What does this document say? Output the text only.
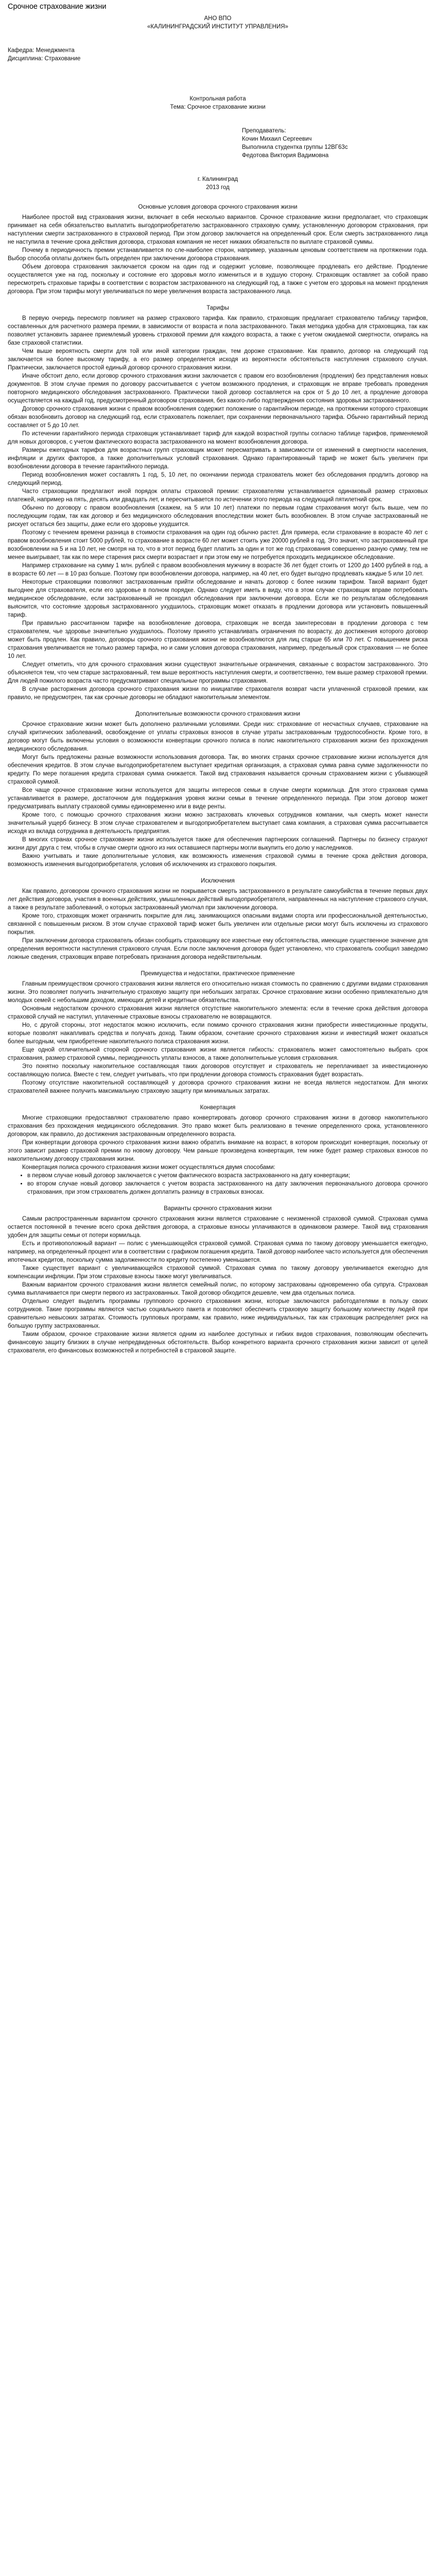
Срочное страхование жизни
АНО ВПО
«КАЛИНИНГРАДСКИЙ ИНСТИТУТ УПРАВЛЕНИЯ»
Кафедра: Менеджмента
Дисциплина: Страхование
Контрольная работа
Тема: Срочное страхование жизни
Преподаватель:
Кочин Михаил Сергеевич
Выполнила студентка группы 12ВГ63с
Федотова Виктория Вадимовна
г. Калининград
2013 год
Основные условия договора срочного страхования жизни

Наиболее простой вид страхования жизни, включает в себя несколько вариантов. Срочное страхование жизни предполагает, что страховщик принимает на себя обязательство выплатить выгодоприобретателю застрахованного страховую сумму, установленную договором страхования, при наступлении смерти застрахованного в страховой период. При этом договор заключается на определенный срок. Если смерть застрахованного лица не наступила в течение срока действия договора, страховая компания не несет никаких обязательств по выплате страховой суммы.

Почему в периодичность премии устанавливается по сле-наиболее сторон, например, указанным ценовым соответствием на протяжении года. Выбор способа оплаты должен быть определен при заключении договора страхования.

Объем договора страхования заключается сроком на один год и содержит условие, позволяющее продлевать его действие. Продление осуществляется уже на год, поскольку и состояние его здоровья могло измениться и в худшую сторону. Страховщик оставляет за собой право пересмотреть страховые тарифы в соответствии с возрастом застрахованного на следующий год, а также с учетом его здоровья на момент продления договора. При этом тарифы могут увеличиваться по мере увеличения возраста застрахованного лица.

Тарифы

В первую очередь пересмотр повлияет на размер страхового тарифа. Как правило, страховщик предлагает страхователю таблицу тарифов, составленных для расчетного размера премии, в зависимости от возраста и пола застрахованного. Такая методика удобна для страховщика, так как позволяет установить заранее приемлемый уровень страховой премии для каждого возраста, а также с учетом ожидаемой смертности, опираясь на базе страховой статистики.

Чем выше вероятность смерти для той или иной категории граждан, тем дороже страхование. Как правило, договор на следующий год заключается на более высокому тарифу, а его размер определяется исходя из вероятности обстоятельств наступления страхового случая. Практически, заключается простой единый договор срочного страхования жизни.

Иначе обстоит дело, если договор срочного страхования жизни заключается с правом его возобновления (продления) без представления новых документов. В этом случае премия по договору рассчитывается с учетом возможного продления, и страховщик не вправе требовать проведения повторного медицинского обследования застрахованного. Практически такой договор составляется на срок от 5 до 10 лет, а продление договора осуществляется на каждый год, предусмотренный договором страхования, без какого-либо подтверждения состояния здоровья застрахованного.

Договор срочного страхования жизни с правом возобновления содержит положение о гарантийном периоде, на протяжении которого страховщик обязан возобновить договор на следующий год, если страхователь пожелает, при сохранении первоначального тарифа. Обычно гарантийный период составляет от 5 до 10 лет.

По истечении гарантийного периода страховщик устанавливает тариф для каждой возрастной группы согласно таблице тарифов, применяемой для новых договоров, с учетом фактического возраста застрахованного на момент возобновления договора.

Размеры ежегодных тарифов для возрастных групп страховщик может пересматривать в зависимости от изменений в смертности населения, инфляции и других факторов, а также дополнительных условий страхования. Однако гарантированный тариф не может быть увеличен при возобновлении договора в течение гарантийного периода.

Период возобновления может составлять 1 год, 5, 10 лет, по окончании периода страхователь может без обследования продлить договор на следующий период.

Часто страховщики предлагают иной порядок оплаты страховой премии: страхователям устанавливается одинаковый размер страховых платежей, например на пять, десять или двадцать лет, и пересчитывается по истечении этого периода на следующий пятилетний срок.

Обычно по договору с правом возобновления (скажем, на 5 или 10 лет) платежи по первым годам страхования могут быть выше, чем по последующим годам, так как договор и без медицинского обследования впоследствии может быть возобновлен. В этом случае застрахованный не рискует остаться без защиты, даже если его здоровье ухудшится.

Поэтому с течением времени разница в стоимости страхования на один год обычно растет. Для примера, если страхование в возрасте 40 лет с правом возобновления стоит 5000 рублей, то страхование в возрасте 60 лет может стоить уже 20000 рублей в год. Это значит, что застрахованный при возобновлении на 5 и на 10 лет, не смотря на то, что в этот период будет платить за один и тот же год страхования совершенно разную сумму, тем не менее выигрывает, так как по мере старения риск смерти возрастает и при этом ему не потребуется проходить медицинское обследование.

Например страхование на сумму 1 млн. рублей с правом возобновления мужчину в возрасте 36 лет будет стоить от 1200 до 1400 рублей в год, а в возрасте 60 лет — в 10 раз больше. Поэтому при возобновлении договора, например, на 40 лет, его будет выгодно продлевать каждые 5 или 10 лет.

Некоторые страховщики позволяют застрахованным прийти обследование и начать договор с более низким тарифом. Такой вариант будет выгоднее для страхователя, если его здоровье в полном порядке. Однако следует иметь в виду, что в этом случае страховщик вправе потребовать медицинское обследование, если застрахованный не проходил обследования при заключении договора. Если же по результатам обследования выяснится, что состояние здоровья застрахованного ухудшилось, страховщик может отказать в продлении договора или установить повышенный тариф.

При правильно рассчитанном тарифе на возобновление договора, страховщик не всегда заинтересован в продлении договора с тем страхователем, чье здоровье значительно ухудшилось. Поэтому принято устанавливать ограничения по возрасту, до достижения которого договор может быть продлен. Как правило, договоры срочного страхования жизни не возобновляются для лиц старше 65 или 70 лет. С повышением риска страхования увеличивается не только размер тарифа, но и сами условия договора страхования, например, предельный срок страхования — не более 10 лет.

Следует отметить, что для срочного страхования жизни существуют значительные ограничения, связанные с возрастом застрахованного. Это объясняется тем, что чем старше застрахованный, тем выше вероятность наступления смерти, и соответственно, тем выше размер страховой премии. Для людей пожилого возраста часто предусматривают специальные программы страхования.

В случае расторжения договора срочного страхования жизни по инициативе страхователя возврат части уплаченной страховой премии, как правило, не предусмотрен, так как срочные договоры не обладают накопительным элементом.

Дополнительные возможности срочного страхования жизни

Срочное страхование жизни может быть дополнено различными условиями. Среди них: страхование от несчастных случаев, страхование на случай критических заболеваний, освобождение от уплаты страховых взносов в случае утраты застрахованным трудоспособности. Кроме того, в договор могут быть включены условия о возможности конвертации срочного полиса в полис накопительного страхования жизни без прохождения медицинского обследования.

Могут быть предложены разные возможности использования договора. Так, во многих странах срочное страхование жизни используется для обеспечения кредитов. В этом случае выгодоприобретателем выступает кредитная организация, а страховая сумма равна сумме задолженности по кредиту. По мере погашения кредита страховая сумма снижается. Такой вид страхования называется срочным страхованием жизни с убывающей страховой суммой.

Все чаще срочное страхование жизни используется для защиты интересов семьи в случае смерти кормильца. Для этого страховая сумма устанавливается в размере, достаточном для поддержания уровня жизни семьи в течение определенного периода. При этом договор может предусматривать выплату страховой суммы единовременно или в виде ренты.

Кроме того, с помощью срочного страхования жизни можно застраховать ключевых сотрудников компании, чья смерть может нанести значительный ущерб бизнесу. В этом случае страхователем и выгодоприобретателем выступает сама компания, а страховая сумма рассчитывается исходя из вклада сотрудника в деятельность предприятия.

В многих странах срочное страхование жизни используется также для обеспечения партнерских соглашений. Партнеры по бизнесу страхуют жизни друг друга с тем, чтобы в случае смерти одного из них оставшиеся партнеры могли выкупить его долю у наследников.

Важно учитывать и такие дополнительные условия, как возможность изменения страховой суммы в течение срока действия договора, возможность изменения выгодоприобретателя, условия об исключениях из страхового покрытия.

Исключения

Как правило, договором срочного страхования жизни не покрывается смерть застрахованного в результате самоубийства в течение первых двух лет действия договора, участия в военных действиях, умышленных действий выгодоприобретателя, направленных на наступление страхового случая, а также в результате заболеваний, о которых застрахованный умолчал при заключении договора.

Кроме того, страховщик может ограничить покрытие для лиц, занимающихся опасными видами спорта или профессиональной деятельностью, связанной с повышенным риском. В этом случае страховой тариф может быть увеличен или отдельные риски могут быть исключены из страхового покрытия.

При заключении договора страхователь обязан сообщить страховщику все известные ему обстоятельства, имеющие существенное значение для определения вероятности наступления страхового случая. Если после заключения договора будет установлено, что страхователь сообщил заведомо ложные сведения, страховщик вправе потребовать признания договора недействительным.

Преимущества и недостатки, практическое применение

Главным преимуществом срочного страхования жизни является его относительно низкая стоимость по сравнению с другими видами страхования жизни. Это позволяет получить значительную страховую защиту при небольших затратах. Срочное страхование жизни особенно привлекательно для молодых семей с небольшим доходом, имеющих детей и кредитные обязательства.

Основным недостатком срочного страхования жизни является отсутствие накопительного элемента: если в течение срока действия договора страховой случай не наступил, уплаченные страховые взносы страхователю не возвращаются.

Но, с другой стороны, этот недостаток можно исключить, если помимо срочного страхования жизни приобрести инвестиционные продукты, которые позволят накапливать средства и получать доход. Таким образом, сочетание срочного страхования жизни и инвестиций может оказаться более выгодным, чем приобретение накопительного полиса страхования жизни.

Еще одной отличительной стороной срочного страхования жизни является гибкость: страхователь может самостоятельно выбрать срок страхования, размер страховой суммы, периодичность уплаты взносов, а также дополнительные условия страхования.

Это понятно поскольку накопительное составляющая таких договоров отсутствует и страхователь не переплачивает за инвестиционную составляющую полиса. Вместе с тем, следует учитывать, что при продлении договора стоимость страхования будет возрастать.

Поэтому отсутствие накопительной составляющей у договора срочного страхования жизни не всегда является недостатком. Для многих страхователей важнее получить максимальную страховую защиту при минимальных затратах.

Конвертация

Многие страховщики предоставляют страхователю право конвертировать договор срочного страхования жизни в договор накопительного страхования без прохождения медицинского обследования. Это право может быть реализовано в течение определенного срока, установленного договором, как правило, до достижения застрахованным определенного возраста.

При конвертации договора срочного страхования жизни важно обратить внимание на возраст, в котором происходит конвертация, поскольку от этого зависит размер страховой премии по новому договору. Чем раньше произведена конвертация, тем ниже будет размер страховых взносов по накопительному договору страхования жизни.

Конвертация полиса срочного страхования жизни может осуществляться двумя способами:

• в первом случае новый договор заключается с учетом фактического возраста застрахованного на дату конвертации;
• во втором случае новый договор заключается с учетом возраста застрахованного на дату заключения первоначального договора срочного страхования, при этом страхователь должен доплатить разницу в страховых взносах.
Варианты срочного страхования жизни

Самым распространенным вариантом срочного страхования жизни является страхование с неизменной страховой суммой. Страховая сумма остается постоянной в течение всего срока действия договора, а страховые взносы уплачиваются в одинаковом размере. Такой вид страхования удобен для защиты семьи от потери кормильца.

Есть и противоположный вариант — полис с уменьшающейся страховой суммой. Страховая сумма по такому договору уменьшается ежегодно, например, на определенный процент или в соответствии с графиком погашения кредита. Такой договор наиболее часто используется для обеспечения ипотечных кредитов, поскольку сумма задолженности по кредиту постепенно уменьшается.

Также существует вариант с увеличивающейся страховой суммой. Страховая сумма по такому договору увеличивается ежегодно для компенсации инфляции. При этом страховые взносы также могут увеличиваться.

Важным вариантом срочного страхования жизни является семейный полис, по которому застрахованы одновременно оба супруга. Страховая сумма выплачивается при смерти первого из застрахованных. Такой договор обходится дешевле, чем два отдельных полиса.

Отдельно следует выделить программы группового срочного страхования жизни, которые заключаются работодателями в пользу своих сотрудников. Такие программы являются частью социального пакета и позволяют обеспечить страховую защиту большому количеству людей при сравнительно невысоких затратах. Стоимость групповых программ, как правило, ниже индивидуальных, так как страховщик распределяет риск на большую группу застрахованных.

Таким образом, срочное страхование жизни является одним из наиболее доступных и гибких видов страхования, позволяющим обеспечить финансовую защиту близких в случае непредвиденных обстоятельств. Выбор конкретного варианта срочного страхования жизни зависит от целей страхователя, его финансовых возможностей и потребностей в страховой защите.
